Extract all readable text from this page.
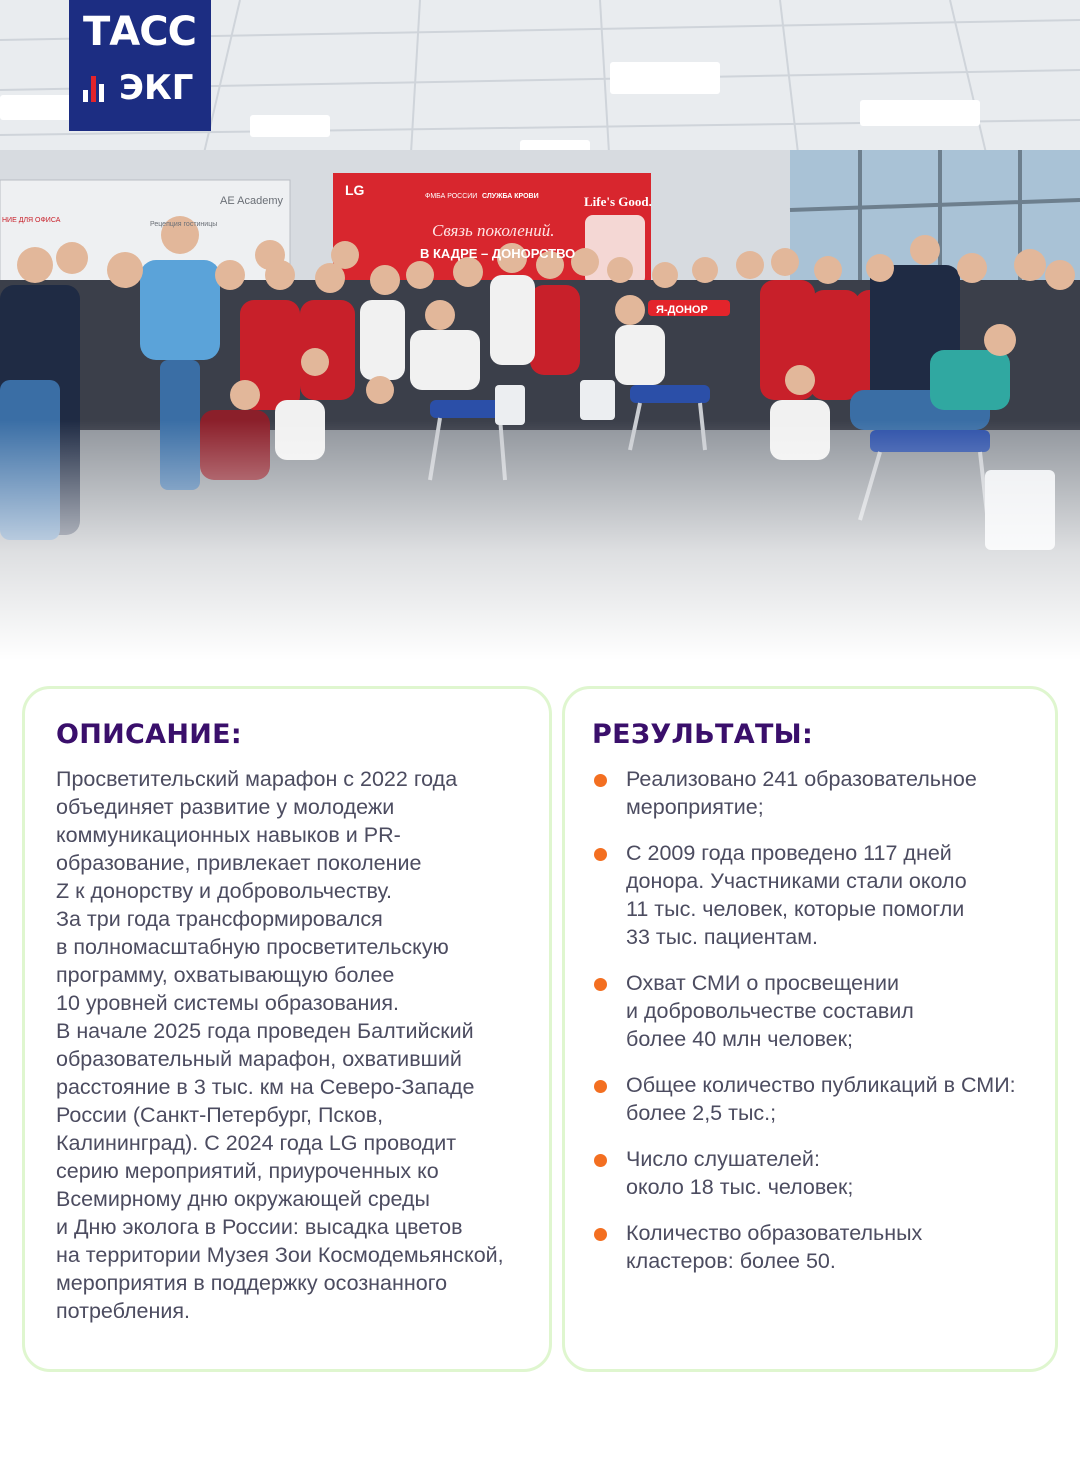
LG	ФМБА РОССИИ СЛУЖБА КРОВИ	Life's Good.
Связь поколений.
В КАДРЕ – ДОНОРСТВО
AE Academy
НИЕ ДЛЯ ОФИСА
Рецепция гостиницы
Я-ДОНОР
ТАСС
ЭКГ
ОПИСАНИЕ:

Просветительский марафон с 2022 года
объединяет развитие у молодежи
коммуникационных навыков и PR-
образование, привлекает поколение
Z к донорству и добровольчеству.
За три года трансформировался
в полномасштабную просветительскую
программу, охватывающую более
10 уровней системы образования.
В начале 2025 года проведен Балтийский
образовательный марафон, охвативший
расстояние в 3 тыс. км на Северо-Западе
России (Санкт-Петербург, Псков,
Калининград). С 2024 года LG проводит
серию мероприятий, приуроченных ко
Всемирному дню окружающей среды
и Дню эколога в России: высадка цветов
на территории Музея Зои Космодемьянской,
мероприятия в поддержку осознанного
потребления.

РЕЗУЛЬТАТЫ:
Реализовано 241 образовательное
мероприятие;
С 2009 года проведено 117 дней
донора. Участниками стали около
11 тыс. человек, которые помогли
33 тыс. пациентам.
Охват СМИ о просвещении
и добровольчестве составил
более 40 млн человек;
Общее количество публикаций в СМИ:
более 2,5 тыс.;
Число слушателей:
около 18 тыс. человек;
Количество образовательных
кластеров: более 50.
